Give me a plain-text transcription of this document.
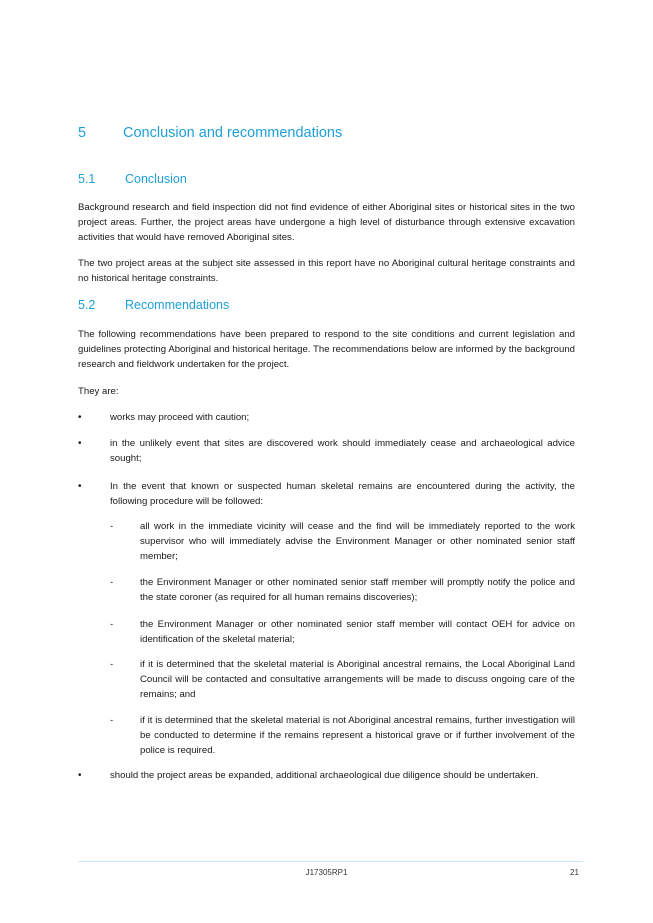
5	Conclusion and recommendations
5.1	Conclusion

Background research and field inspection did not find evidence of either Aboriginal sites or historical sites in the two project areas. Further, the project areas have undergone a high level of disturbance through extensive excavation activities that would have removed Aboriginal sites.

The two project areas at the subject site assessed in this report have no Aboriginal cultural heritage constraints and no historical heritage constraints.

5.2	Recommendations

The following recommendations have been prepared to respond to the site conditions and current legislation and guidelines protecting Aboriginal and historical heritage. The recommendations below are informed by the background research and fieldwork undertaken for the project.

They are:

•	works may proceed with caution;
•	in the unlikely event that sites are discovered work should immediately cease and archaeological advice sought;
•	In the event that known or suspected human skeletal remains are encountered during the activity, the following procedure will be followed:
-	all work in the immediate vicinity will cease and the find will be immediately reported to the work supervisor who will immediately advise the Environment Manager or other nominated senior staff member;
-	the Environment Manager or other nominated senior staff member will promptly notify the police and the state coroner (as required for all human remains discoveries);
-	the Environment Manager or other nominated senior staff member will contact OEH for advice on identification of the skeletal material;
-	if it is determined that the skeletal material is Aboriginal ancestral remains, the Local Aboriginal Land Council will be contacted and consultative arrangements will be made to discuss ongoing care of the remains; and
-	if it is determined that the skeletal material is not Aboriginal ancestral remains, further investigation will be conducted to determine if the remains represent a historical grave or if further involvement of the police is required.
•	should the project areas be expanded, additional archaeological due diligence should be undertaken.
J17305RP1	21
